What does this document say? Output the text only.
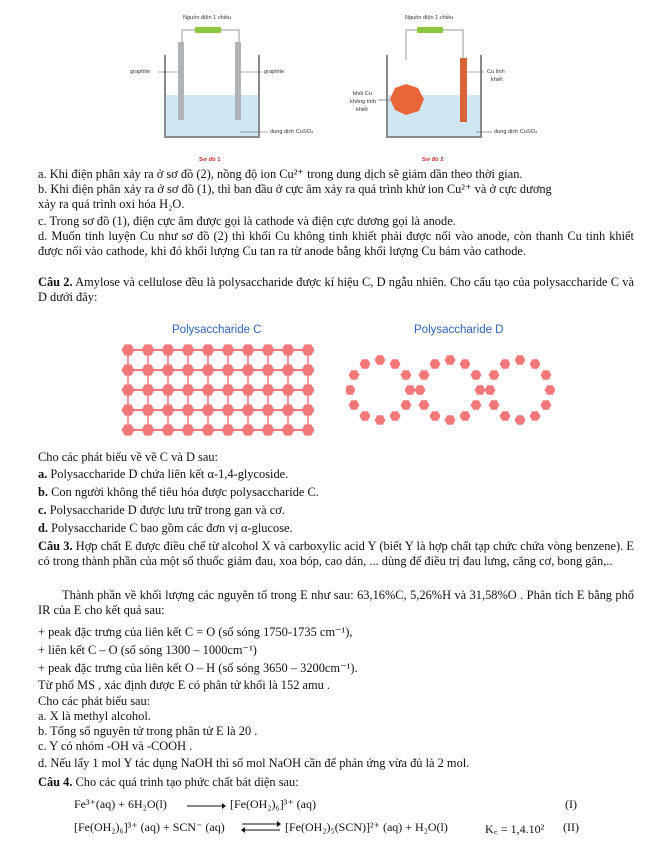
Nguồn điện 1 chiều	Nguồn điện 1 chiều
graphite	graphite
dung dịch CuSO₄
khối Cu
không tinh
khiết
Cu tinh
khiết
dung dịch CuSO₄
Sơ đồ 1	Sơ đồ 2
a. Khi điện phân xảy ra ở sơ đồ (2), nồng độ ion Cu²⁺ trong dung dịch sẽ giảm dần theo thời gian.
b. Khi điện phân xảy ra ở sơ đồ (1), thì ban đầu ở cực âm xảy ra quá trình khử ion Cu²⁺ và ở cực dương
xảy ra quá trình oxi hóa H₂O.
c. Trong sơ đồ (1), điện cực âm được gọi là cathode và điện cực dương gọi là anode.
d. Muốn tinh luyện Cu như sơ đồ (2) thì khối Cu không tinh khiết phải được nối vào anode, còn thanh Cu tinh khiết được nối vào cathode, khi đó khối lượng Cu tan ra từ anode bằng khối lượng Cu bám vào cathode.
Câu 2. Amylose và cellulose đều là polysaccharide được kí hiệu C, D ngẫu nhiên. Cho cấu tạo của polysaccharide C và D dưới đây:
Polysaccharide C	Polysaccharide D
Cho các phát biểu về về C và D sau:
a. Polysaccharide D chứa liên kết α-1,4-glycoside.
b. Con người không thể tiêu hóa được polysaccharide C.
c. Polysaccharide D được lưu trữ trong gan và cơ.
d. Polysaccharide C bao gồm các đơn vị α-glucose.
Câu 3. Hợp chất E được điều chế từ alcohol X và carboxylic acid Y (biết Y là hợp chất tạp chức chứa vòng benzene). E có trong thành phần của một số thuốc giảm đau, xoa bóp, cao dán, ... dùng để điều trị đau lưng, căng cơ, bong gân,..
Thành phần về khối lượng các nguyên tố trong E như sau: 63,16%C, 5,26%H và 31,58%O . Phân tích E bằng phổ IR của E cho kết quả sau:
+ peak đặc trưng của liên kết C = O (số sóng 1750-1735 cm⁻¹),
+ liên kết C – O (số sóng 1300 – 1000cm⁻¹)
+ peak đặc trưng của liên kết O – H (số sóng 3650 – 3200cm⁻¹).
Từ phổ MS , xác định được E có phân tử khối là 152 amu .
Cho các phát biểu sau:
a. X là methyl alcohol.
b. Tổng số nguyên tử trong phân tử E là 20 .
c. Y có nhóm -OH và -COOH .
d. Nếu lấy 1 mol Y tác dụng NaOH thì số mol NaOH cần để phản ứng vừa đủ là 2 mol.
Câu 4. Cho các quá trình tạo phức chất bát diện sau:
Fe³⁺(aq) + 6H₂O(l)	[Fe(OH₂)₆]³⁺ (aq)	(I)
[Fe(OH₂)₆]³⁺ (aq) + SCN⁻ (aq) ⇌ [Fe(OH₂)₅(SCN)]²⁺ (aq) + H₂O(l)	K꜀ = 1,4.10² (II)
